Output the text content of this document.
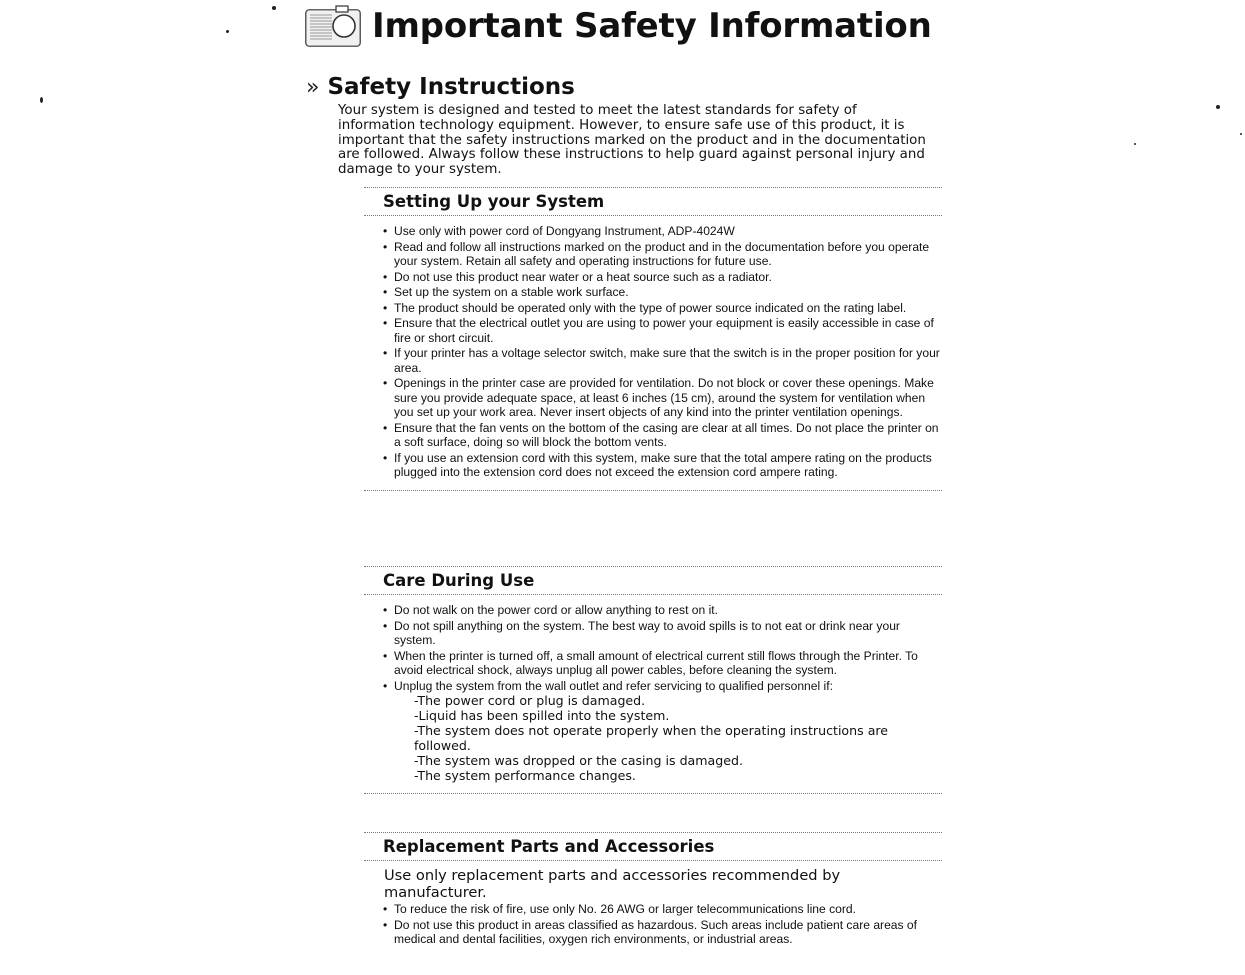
Important Safety Information
» Safety Instructions

Your system is designed and tested to meet the latest standards for safety of information technology equipment. However, to ensure safe use of this product, it is important that the safety instructions marked on the product and in the documentation are followed. Always follow these instructions to help guard against personal injury and damage to your system.

Setting Up your System
• Use only with power cord of Dongyang Instrument, ADP-4024W
• Read and follow all instructions marked on the product and in the documentation before you operate your system. Retain all safety and operating instructions for future use.
• Do not use this product near water or a heat source such as a radiator.
• Set up the system on a stable work surface.
• The product should be operated only with the type of power source indicated on the rating label.
• Ensure that the electrical outlet you are using to power your equipment is easily accessible in case of fire or short circuit.
• If your printer has a voltage selector switch, make sure that the switch is in the proper position for your area.
• Openings in the printer case are provided for ventilation. Do not block or cover these openings. Make sure you provide adequate space, at least 6 inches (15 cm), around the system for ventilation when you set up your work area. Never insert objects of any kind into the printer ventilation openings.
• Ensure that the fan vents on the bottom of the casing are clear at all times. Do not place the printer on a soft surface, doing so will block the bottom vents.
• If you use an extension cord with this system, make sure that the total ampere rating on the products plugged into the extension cord does not exceed the extension cord ampere rating.
Care During Use
• Do not walk on the power cord or allow anything to rest on it.
• Do not spill anything on the system. The best way to avoid spills is to not eat or drink near your system.
• When the printer is turned off, a small amount of electrical current still flows through the Printer. To avoid electrical shock, always unplug all power cables, before cleaning the system.
• Unplug the system from the wall outlet and refer servicing to qualified personnel if:
-The power cord or plug is damaged.
-Liquid has been spilled into the system.
-The system does not operate properly when the operating instructions are followed.
-The system was dropped or the casing is damaged.
-The system performance changes.
Replacement Parts and Accessories
Use only replacement parts and accessories recommended by manufacturer.
• To reduce the risk of fire, use only No. 26 AWG or larger telecommunications line cord.
• Do not use this product in areas classified as hazardous. Such areas include patient care areas of medical and dental facilities, oxygen rich environments, or industrial areas.
